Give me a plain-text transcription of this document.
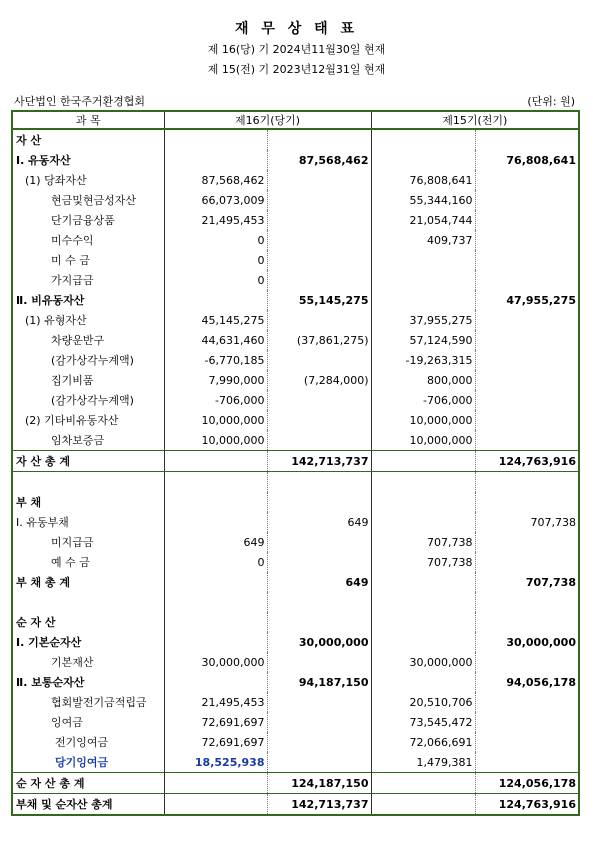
재 무 상 태 표
제 16(당) 기 2024년11월30일 현재
제 15(전) 기 2023년12월31일 현재
사단법인 한국주거환경협회	(단위: 원)
과 목	제16기(당기)		제15기(전기)	
자 산				
Ⅰ. 유동자산		87,568,462		76,808,641
(1) 당좌자산	87,568,462		76,808,641	
현금및현금성자산	66,073,009		55,344,160	
단기금융상품	21,495,453		21,054,744	
미수수익	0		409,737	
미 수 금	0			
가지급금	0			
Ⅱ. 비유동자산		55,145,275		47,955,275
(1) 유형자산	45,145,275		37,955,275	
차량운반구	44,631,460	(37,861,275)	57,124,590	
(감가상각누계액)	-6,770,185		-19,263,315	
집기비품	7,990,000	(7,284,000)	800,000	
(감가상각누계액)	-706,000		-706,000	
(2) 기타비유동자산	10,000,000		10,000,000	
임차보증금	10,000,000		10,000,000	
자 산 총 계		142,713,737		124,763,916

부 채				
Ⅰ. 유동부채		649		707,738
미지급금	649		707,738	
예 수 금	0		707,738	
부 채 총 계		649		707,738

순 자 산				
Ⅰ. 기본순자산		30,000,000		30,000,000
기본재산	30,000,000		30,000,000	
Ⅱ. 보통순자산		94,187,150		94,056,178
협회발전기금적립금	21,495,453		20,510,706	
잉여금	72,691,697		73,545,472	
전기잉여금	72,691,697		72,066,691	
당기잉여금	18,525,938		1,479,381	
순 자 산 총 계		124,187,150		124,056,178
부채 및 순자산 총계		142,713,737		124,763,916
